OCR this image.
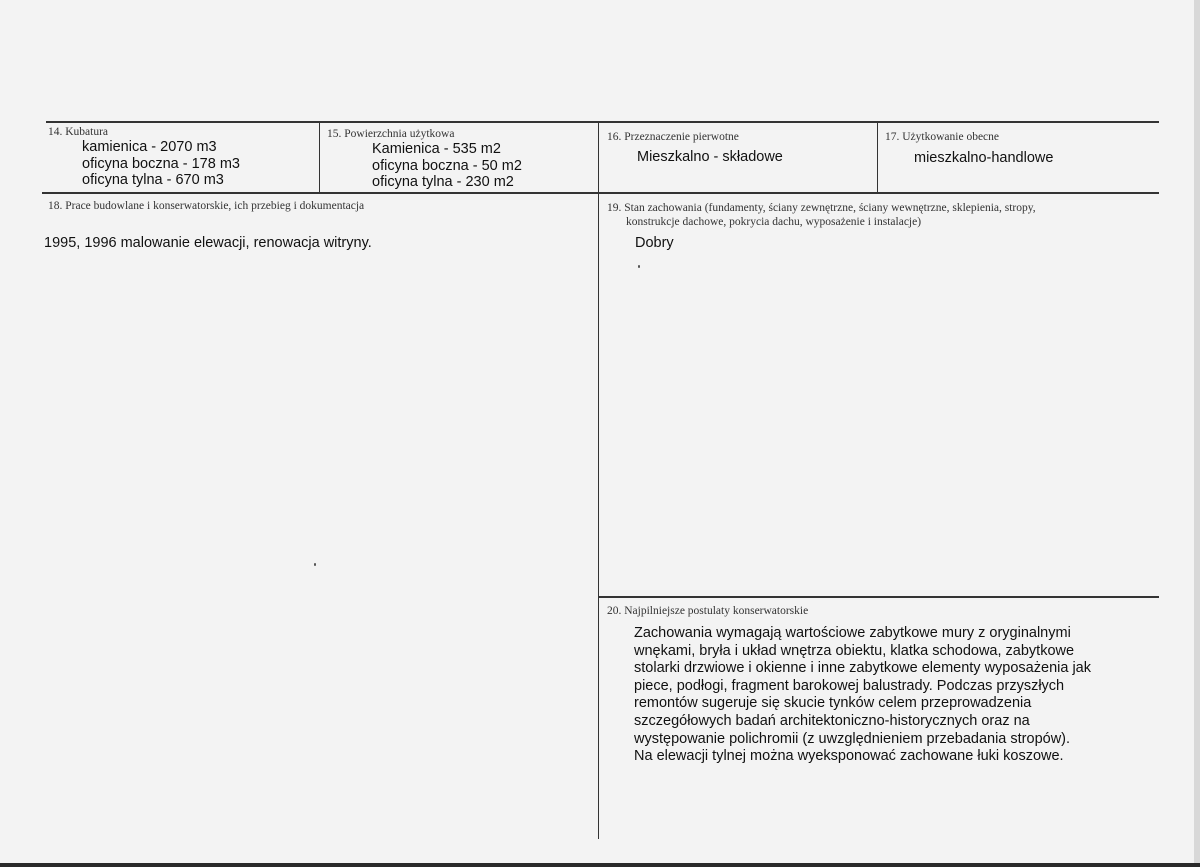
14. Kubatura
kamienica - 2070 m3
oficyna boczna - 178 m3
oficyna tylna - 670 m3
15. Powierzchnia użytkowa
Kamienica - 535 m2
oficyna boczna - 50 m2
oficyna tylna - 230 m2
16. Przeznaczenie pierwotne
Mieszkalno - składowe
17. Użytkowanie obecne
mieszkalno-handlowe
18. Prace budowlane i konserwatorskie, ich przebieg i dokumentacja
1995, 1996 malowanie elewacji, renowacja witryny.
19. Stan zachowania (fundamenty, ściany zewnętrzne, ściany wewnętrzne, sklepienia, stropy,
konstrukcje dachowe, pokrycia dachu, wyposażenie i instalacje)
Dobry
20. Najpilniejsze postulaty konserwatorskie
Zachowania wymagają wartościowe zabytkowe mury z oryginalnymi
wnękami, bryła i układ wnętrza obiektu, klatka schodowa, zabytkowe
stolarki drzwiowe i okienne i inne zabytkowe elementy wyposażenia jak
piece, podłogi, fragment barokowej balustrady. Podczas przyszłych
remontów sugeruje się skucie tynków celem przeprowadzenia
szczegółowych badań architektoniczno-historycznych oraz na
występowanie polichromii (z uwzględnieniem przebadania stropów).
Na elewacji tylnej można wyeksponować zachowane łuki koszowe.
